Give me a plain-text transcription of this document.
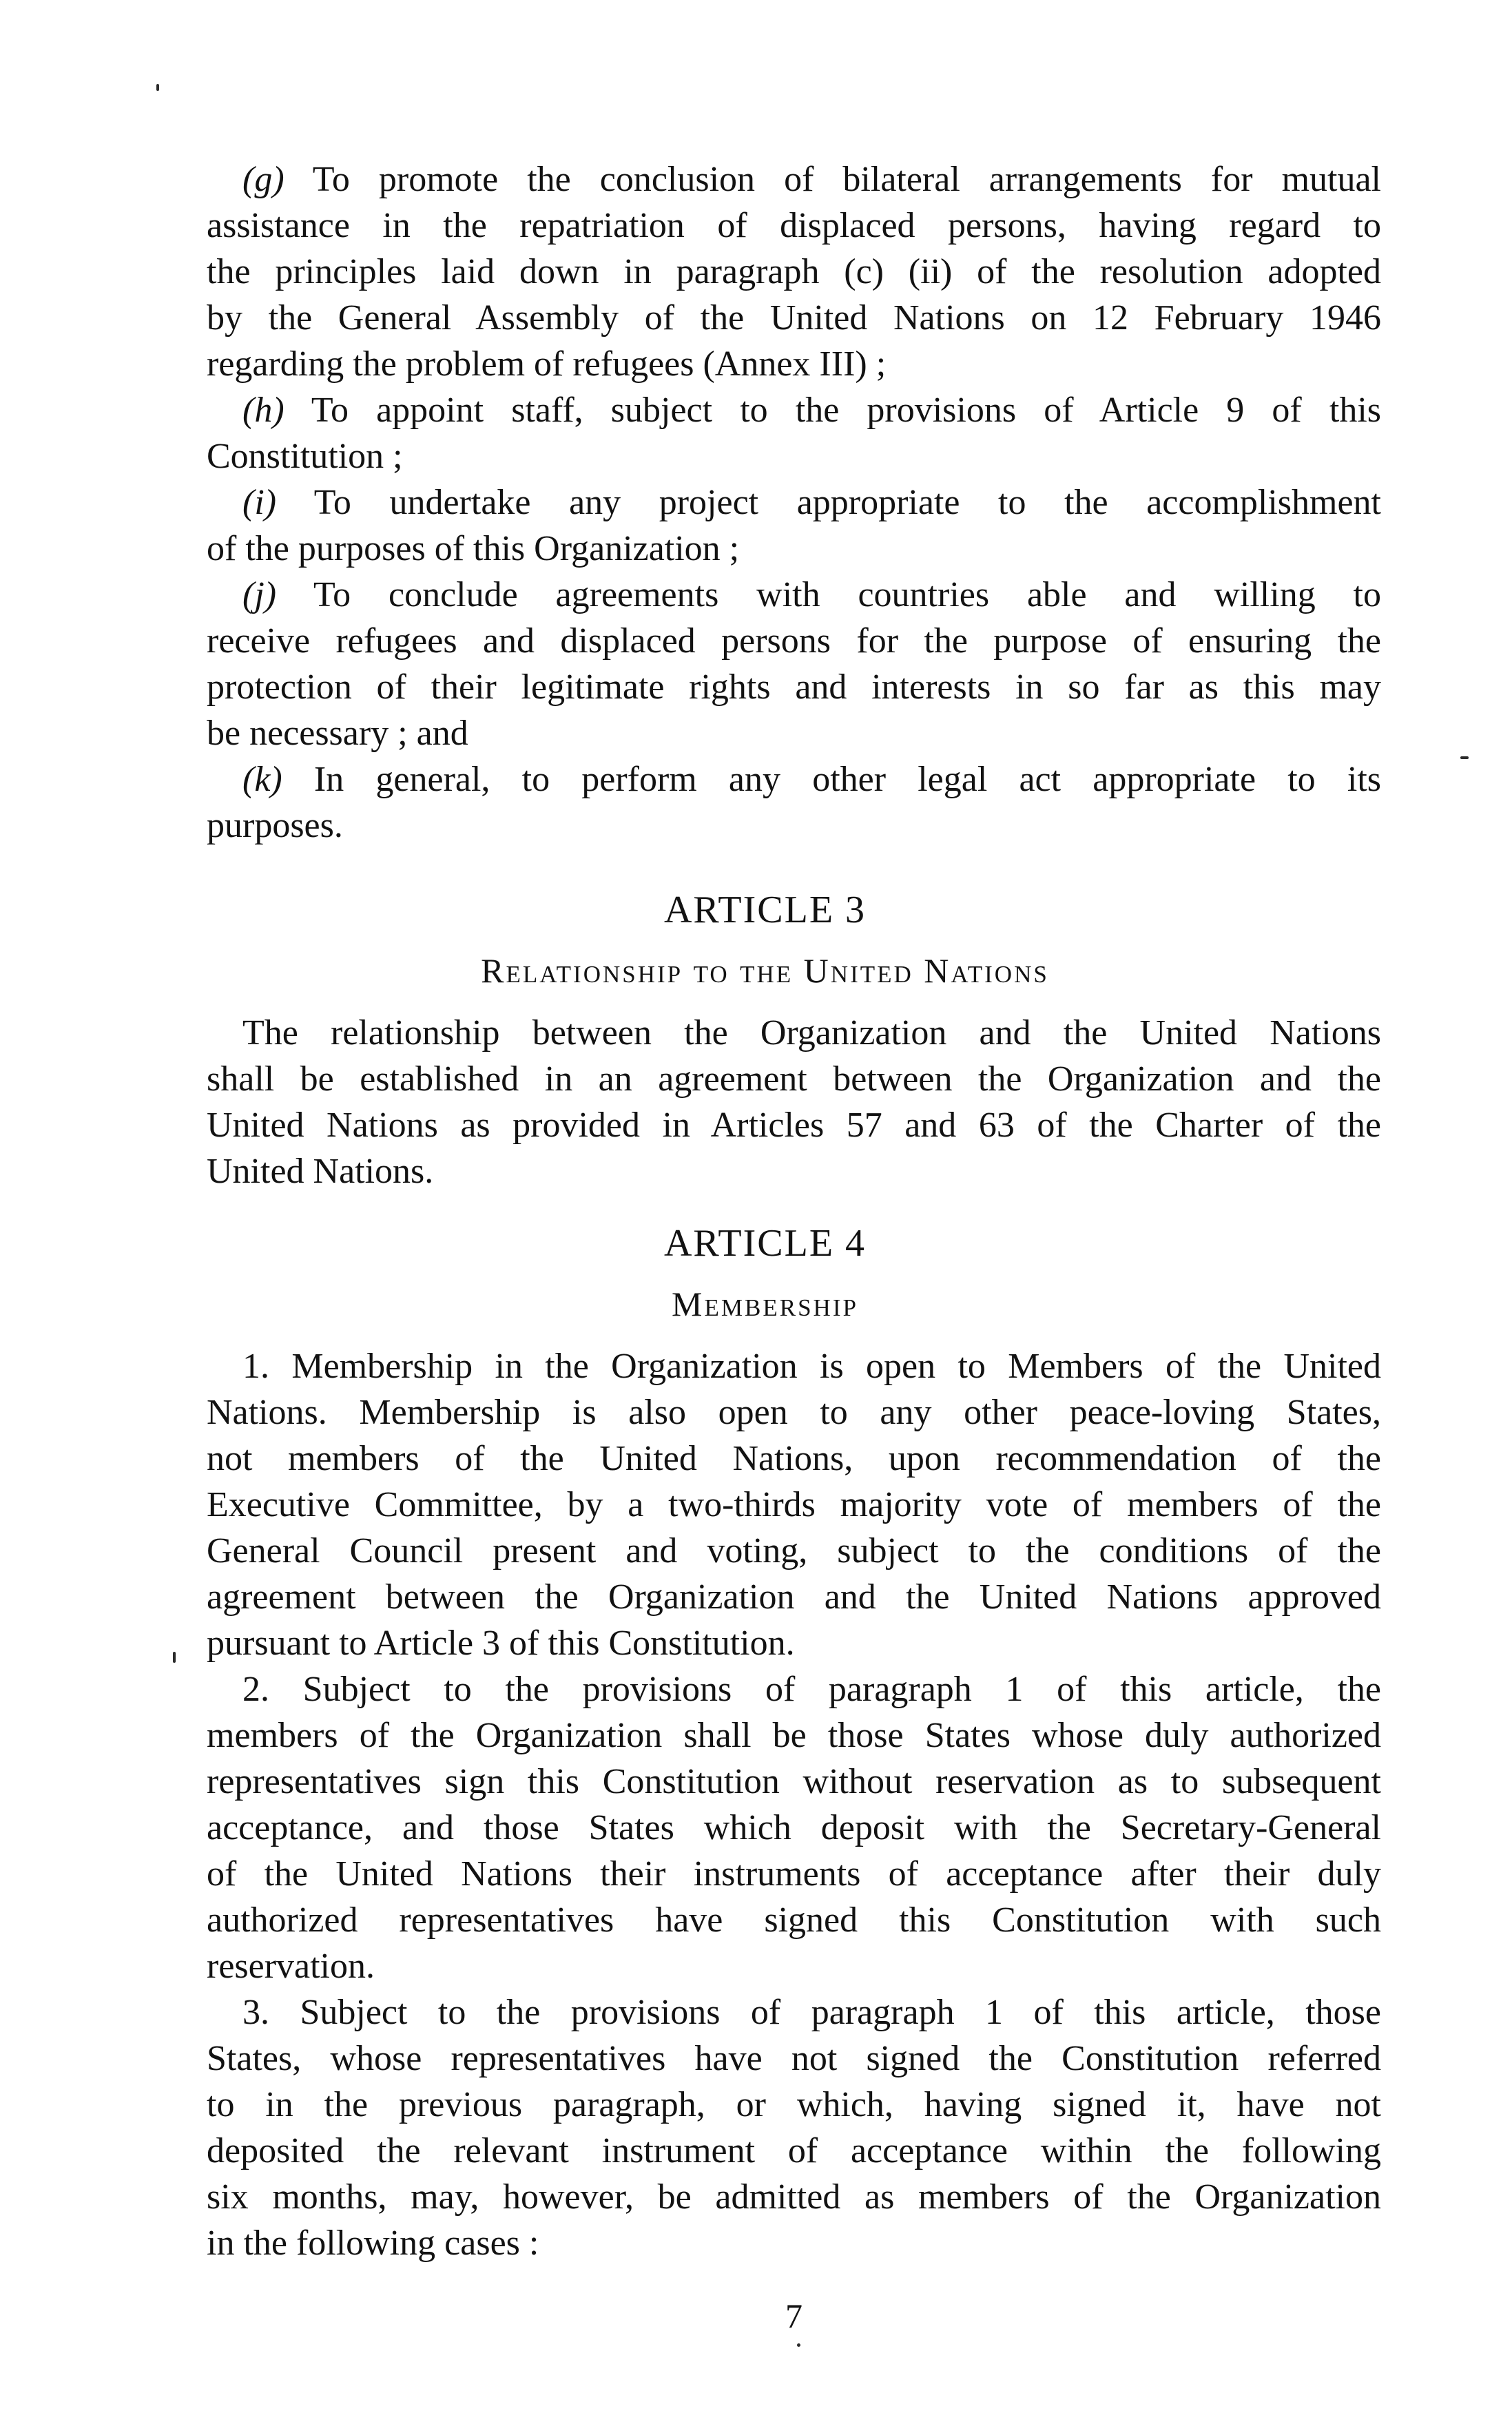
(g) To promote the conclusion of bilateral arrangements for mutual
assistance in the repatriation of displaced persons, having regard to
the principles laid down in paragraph (c) (ii) of the resolution adopted
by the General Assembly of the United Nations on 12 February 1946
regarding the problem of refugees (Annex III) ;
(h) To appoint staff, subject to the provisions of Article 9 of this
Constitution ;
(i) To undertake any project appropriate to the accomplishment
of the purposes of this Organization ;
(j) To conclude agreements with countries able and willing to
receive refugees and displaced persons for the purpose of ensuring the
protection of their legitimate rights and interests in so far as this may
be necessary ; and
(k) In general, to perform any other legal act appropriate to its
purposes.
ARTICLE 3
Relationship to the United Nations
The relationship between the Organization and the United Nations
shall be established in an agreement between the Organization and the
United Nations as provided in Articles 57 and 63 of the Charter of the
United Nations.
ARTICLE 4
Membership
1. Membership in the Organization is open to Members of the United
Nations. Membership is also open to any other peace-loving States,
not members of the United Nations, upon recommendation of the
Executive Committee, by a two-thirds majority vote of members of the
General Council present and voting, subject to the conditions of the
agreement between the Organization and the United Nations approved
pursuant to Article 3 of this Constitution.
2. Subject to the provisions of paragraph 1 of this article, the
members of the Organization shall be those States whose duly authorized
representatives sign this Constitution without reservation as to subsequent
acceptance, and those States which deposit with the Secretary-General
of the United Nations their instruments of acceptance after their duly
authorized representatives have signed this Constitution with such
reservation.
3. Subject to the provisions of paragraph 1 of this article, those
States, whose representatives have not signed the Constitution referred
to in the previous paragraph, or which, having signed it, have not
deposited the relevant instrument of acceptance within the following
six months, may, however, be admitted as members of the Organization
in the following cases :
7
